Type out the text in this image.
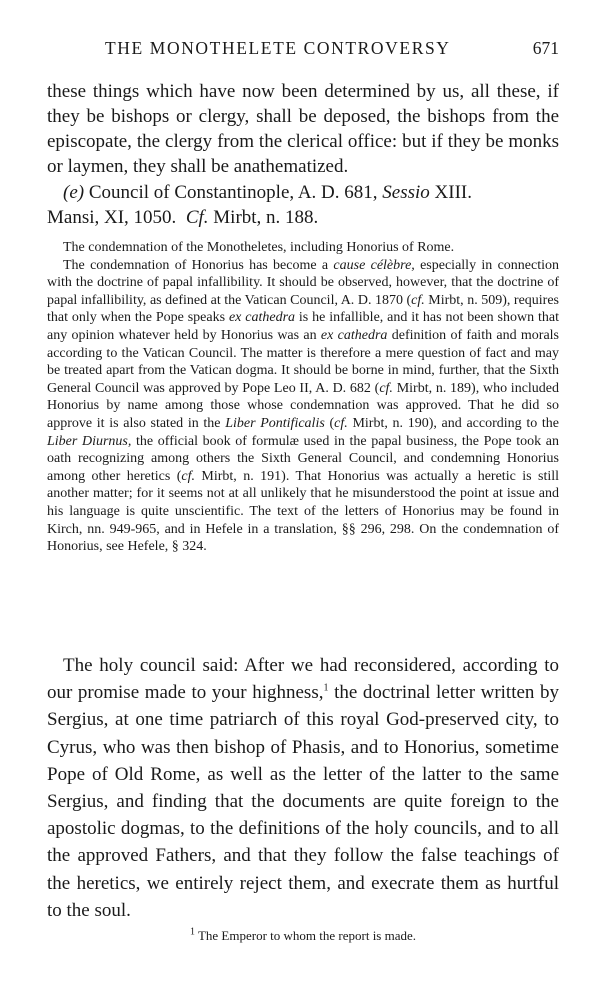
THE MONOTHELETE CONTROVERSY	671

these things which have now been determined by us, all these, if they be bishops or clergy, shall be deposed, the bishops from the episcopate, the clergy from the clerical office: but if they be monks or laymen, they shall be anathematized.

(e) Council of Constantinople, A. D. 681, Sessio XIII.
Mansi, XI, 1050. Cf. Mirbt, n. 188.
The condemnation of the Monotheletes, including Honorius of Rome.
The condemnation of Honorius has become a cause célèbre, especially in connection with the doctrine of papal infallibility. It should be observed, however, that the doctrine of papal infallibility, as defined at the Vatican Council, A. D. 1870 (cf. Mirbt, n. 509), requires that only when the Pope speaks ex cathedra is he infallible, and it has not been shown that any opinion whatever held by Honorius was an ex cathedra definition of faith and morals according to the Vatican Council. The matter is therefore a mere question of fact and may be treated apart from the Vatican dogma. It should be borne in mind, further, that the Sixth General Council was approved by Pope Leo II, A. D. 682 (cf. Mirbt, n. 189), who included Honorius by name among those whose condemnation was approved. That he did so approve it is also stated in the Liber Pontificalis (cf. Mirbt, n. 190), and according to the Liber Diurnus, the official book of formulæ used in the papal business, the Pope took an oath recognizing among others the Sixth General Council, and condemning Honorius among other heretics (cf. Mirbt, n. 191). That Honorius was actually a heretic is still another matter; for it seems not at all unlikely that he misunderstood the point at issue and his language is quite unscientific. The text of the letters of Honorius may be found in Kirch, nn. 949-965, and in Hefele in a translation, §§ 296, 298. On the condemnation of Honorius, see Hefele, § 324.

The holy council said: After we had reconsidered, according to our promise made to your highness,$^1$ the doctrinal letter written by Sergius, at one time patriarch of this royal God-preserved city, to Cyrus, who was then bishop of Phasis, and to Honorius, sometime Pope of Old Rome, as well as the letter of the latter to the same Sergius, and finding that the documents are quite foreign to the apostolic dogmas, to the definitions of the holy councils, and to all the approved Fathers, and that they follow the false teachings of the heretics, we entirely reject them, and execrate them as hurtful to the soul.

$^1$ The Emperor to whom the report is made.
